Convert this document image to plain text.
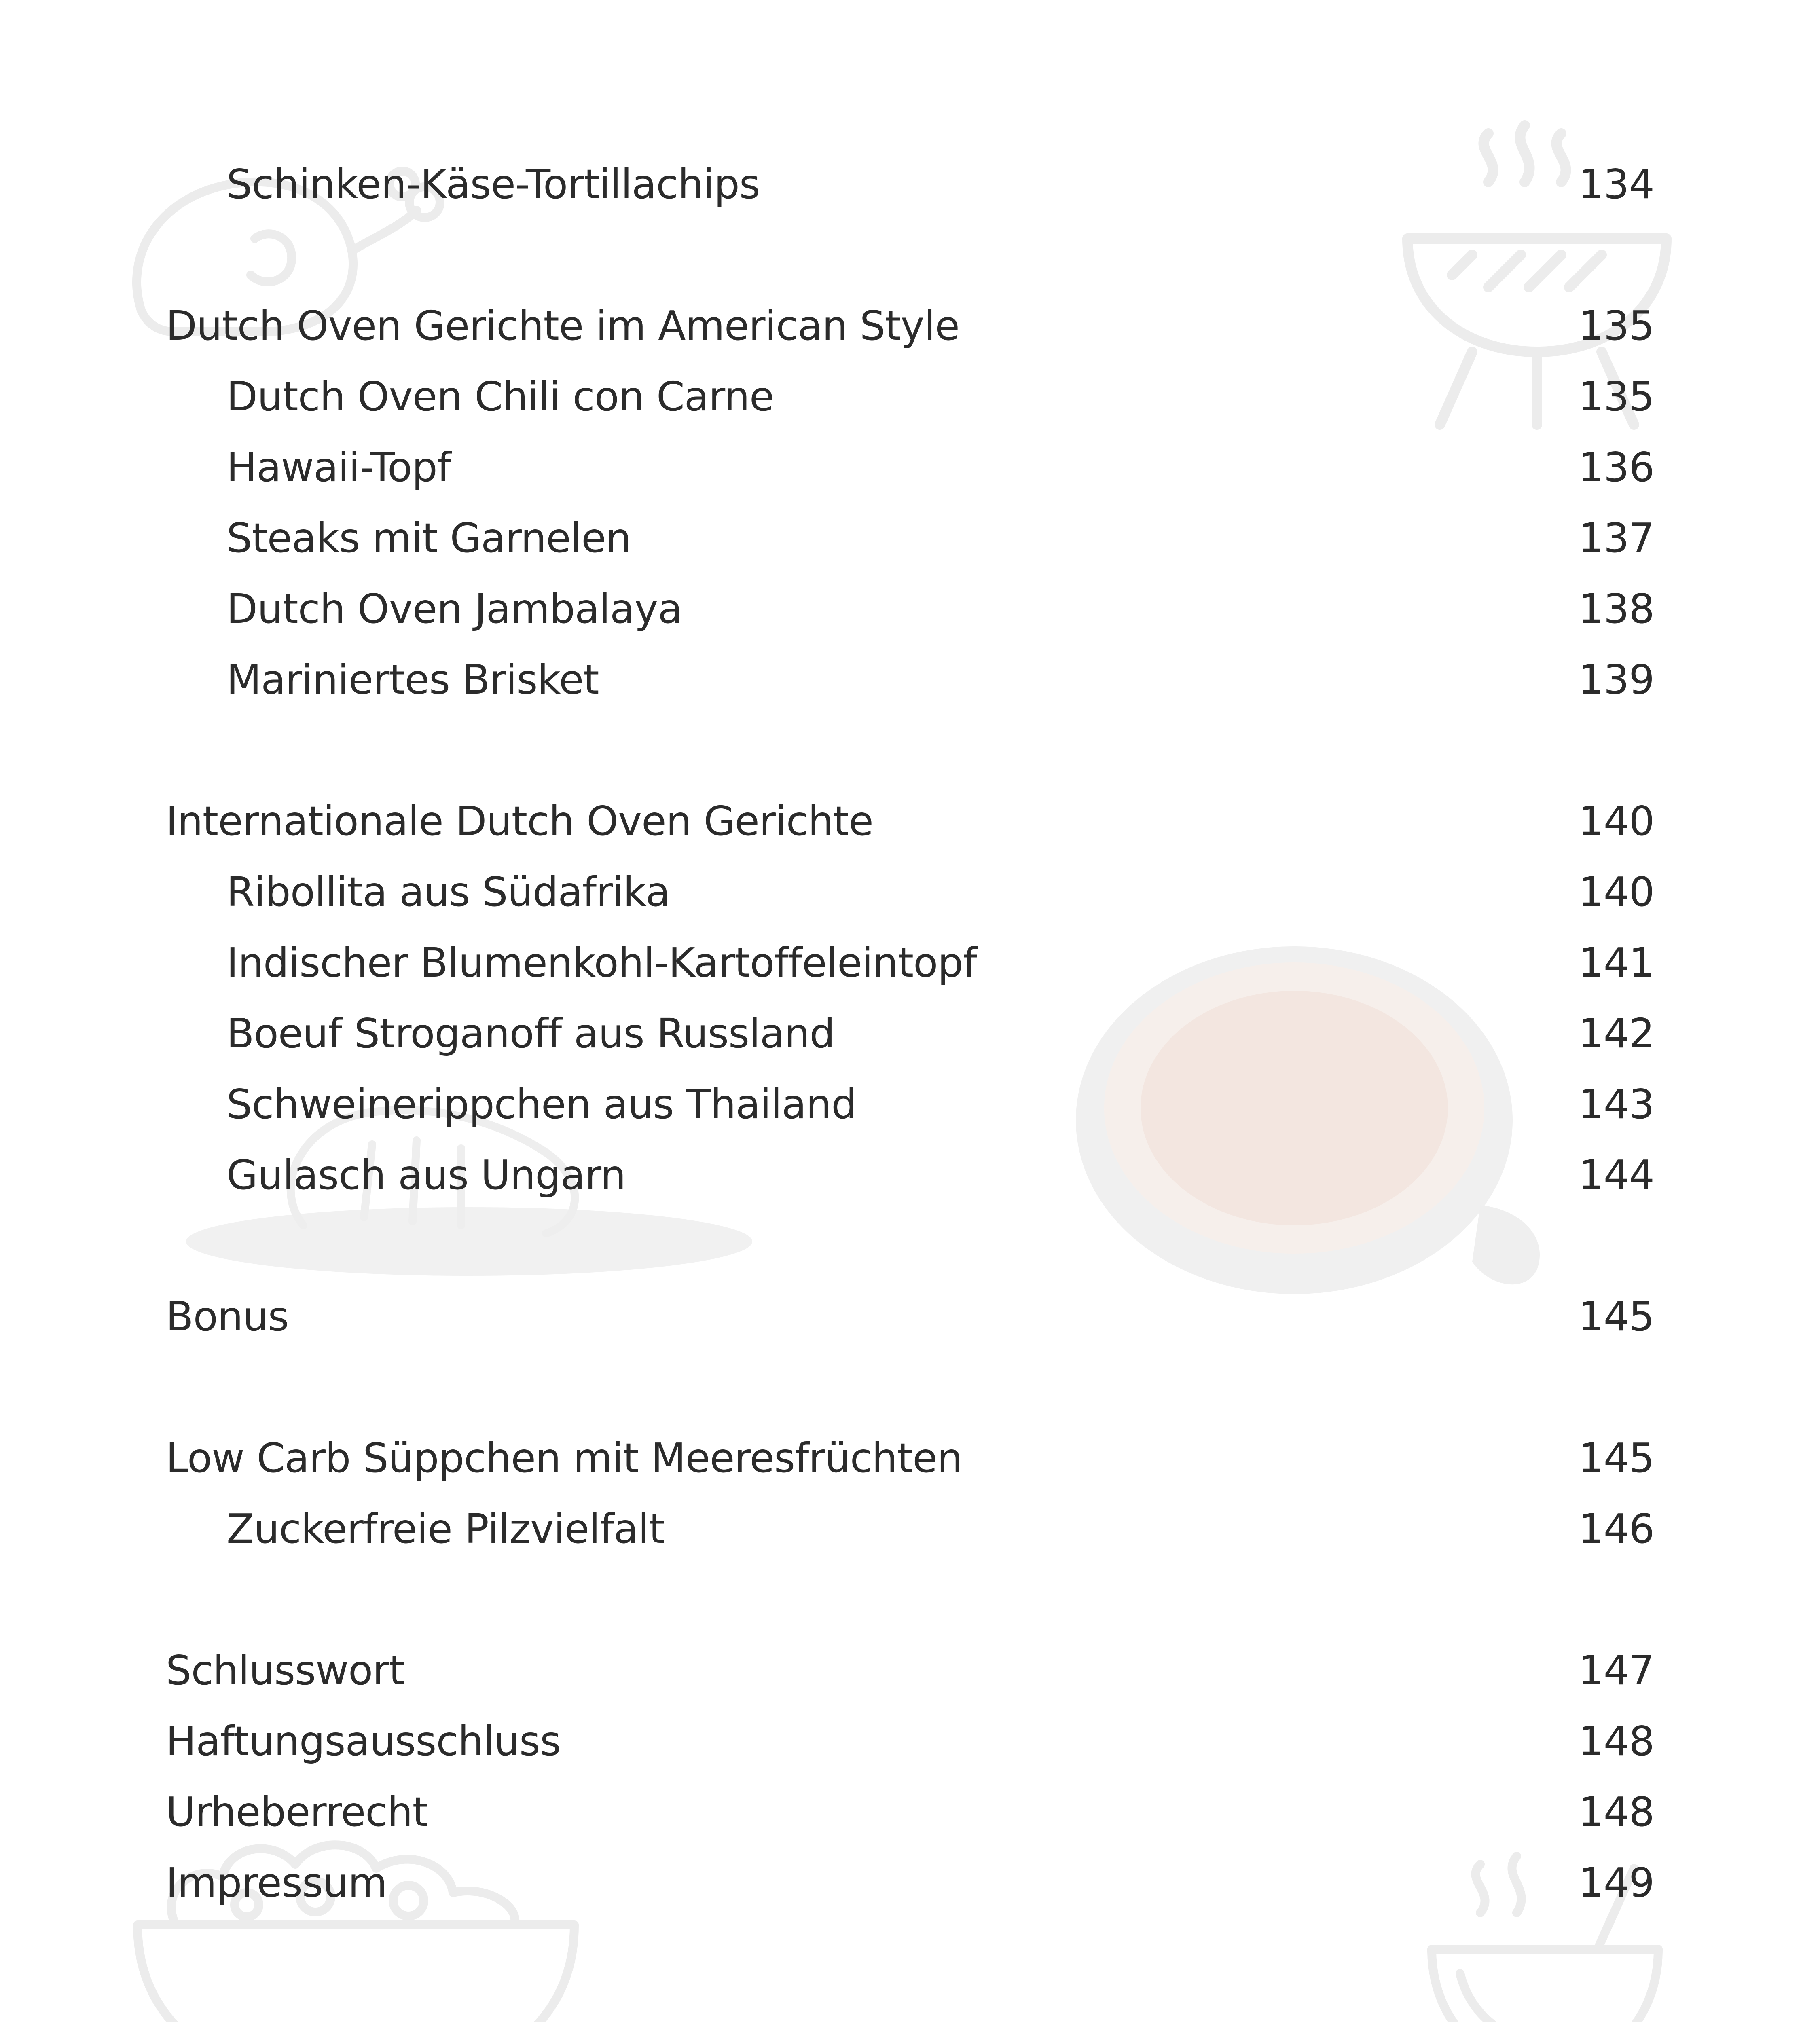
Schinken-Käse-Tortillachips	134
Dutch Oven Gerichte im American Style	135
Dutch Oven Chili con Carne	135
Hawaii-Topf	136
Steaks mit Garnelen	137
Dutch Oven Jambalaya	138
Mariniertes Brisket	139
Internationale Dutch Oven Gerichte	140
Ribollita aus Südafrika	140
Indischer Blumenkohl-Kartoffeleintopf	141
Boeuf Stroganoff aus Russland	142
Schweinerippchen aus Thailand	143
Gulasch aus Ungarn	144
Bonus	145
Low Carb Süppchen mit Meeresfrüchten	145
Zuckerfreie Pilzvielfalt	146
Schlusswort	147
Haftungsausschluss	148
Urheberrecht	148
Impressum	149
